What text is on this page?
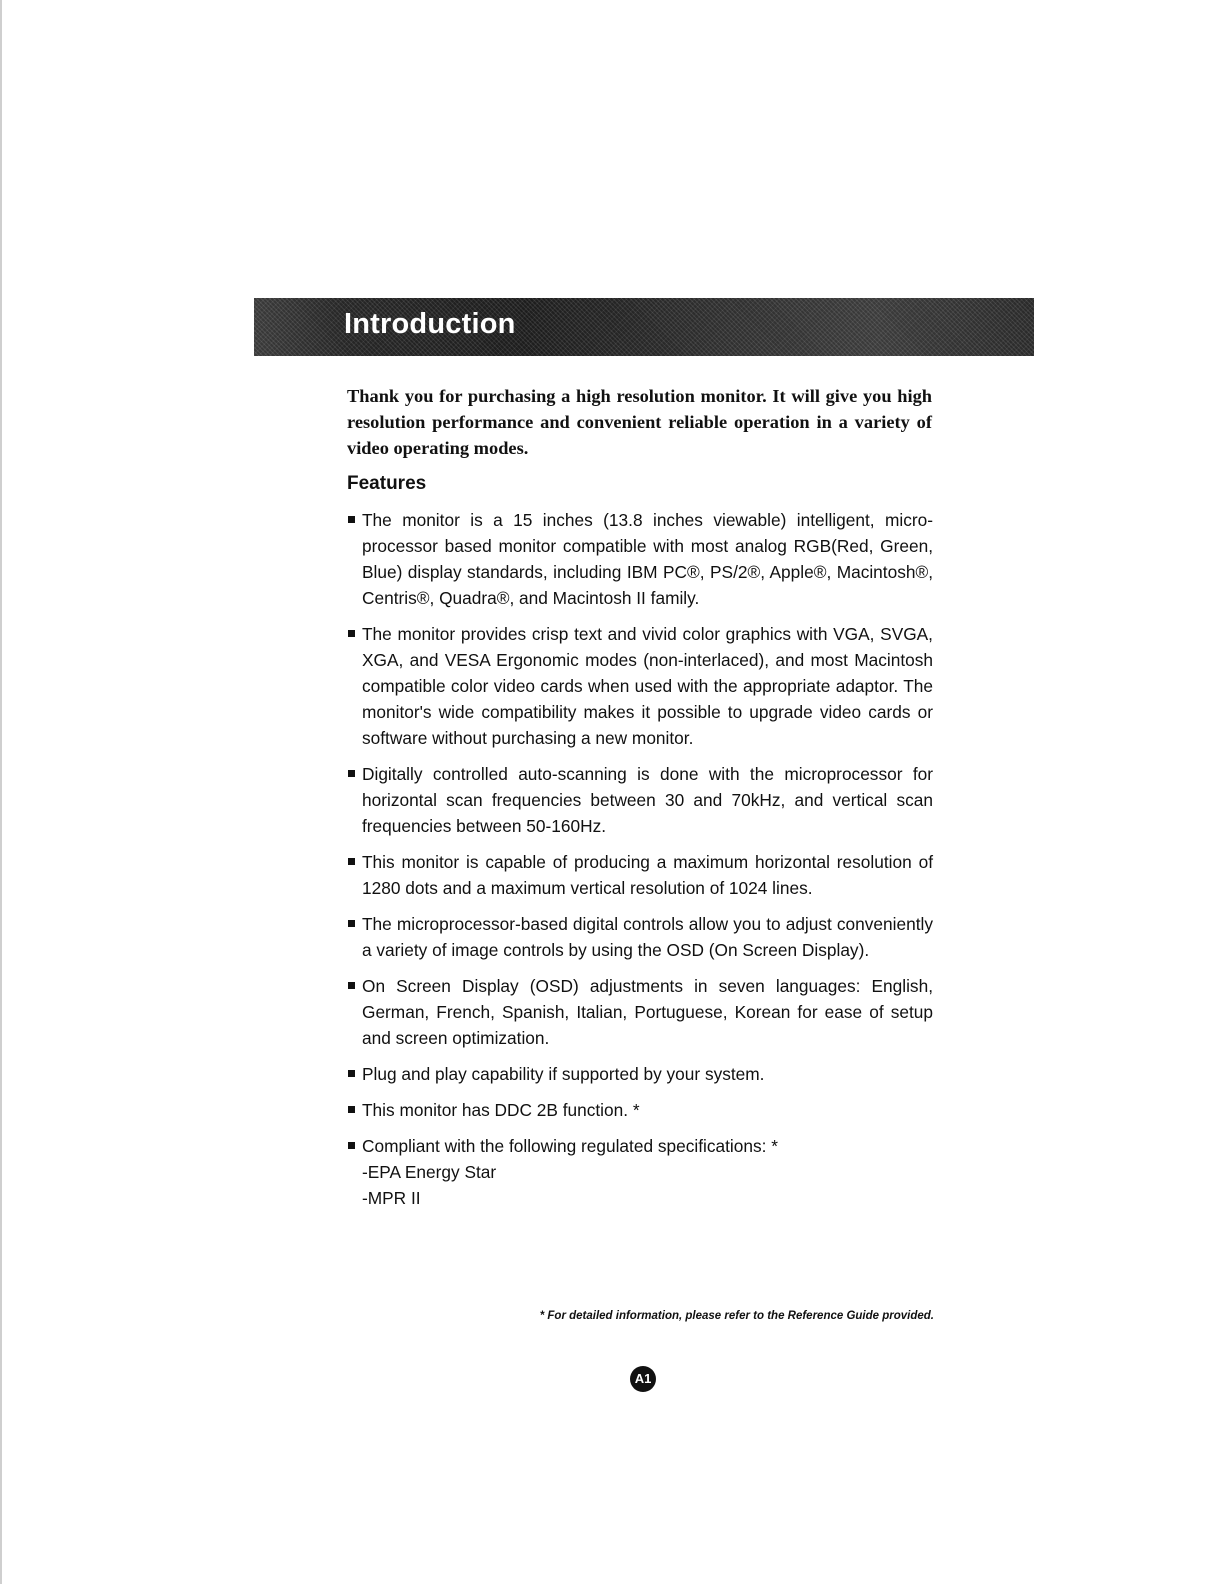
Introduction

Thank you for purchasing a high resolution monitor. It will give you high resolution performance and convenient reliable operation in a variety of video operating modes.

Features
The monitor is a 15 inches (13.8 inches viewable) intelligent, micro-processor based monitor compatible with most analog RGB(Red, Green, Blue) display standards, including IBM PC®, PS/2®, Apple®, Macintosh®, Centris®, Quadra®, and Macintosh II family.
The monitor provides crisp text and vivid color graphics with VGA, SVGA, XGA, and VESA Ergonomic modes (non-interlaced), and most Macintosh compatible color video cards when used with the appropriate adaptor. The monitor's wide compatibility makes it possible to upgrade video cards or software without purchasing a new monitor.
Digitally controlled auto-scanning is done with the microprocessor for horizontal scan frequencies between 30 and 70kHz, and vertical scan frequencies between 50-160Hz.
This monitor is capable of producing a maximum horizontal resolution of 1280 dots and a maximum vertical resolution of 1024 lines.
The microprocessor-based digital controls allow you to adjust conveniently a variety of image controls by using the OSD (On Screen Display).
On Screen Display (OSD) adjustments in seven languages: English, German, French, Spanish, Italian, Portuguese, Korean for ease of setup and screen optimization.
Plug and play capability if supported by your system.
This monitor has DDC 2B function. *
Compliant with the following regulated specifications: *
-EPA Energy Star
-MPR II

* For detailed information, please refer to the Reference Guide provided.

A1
